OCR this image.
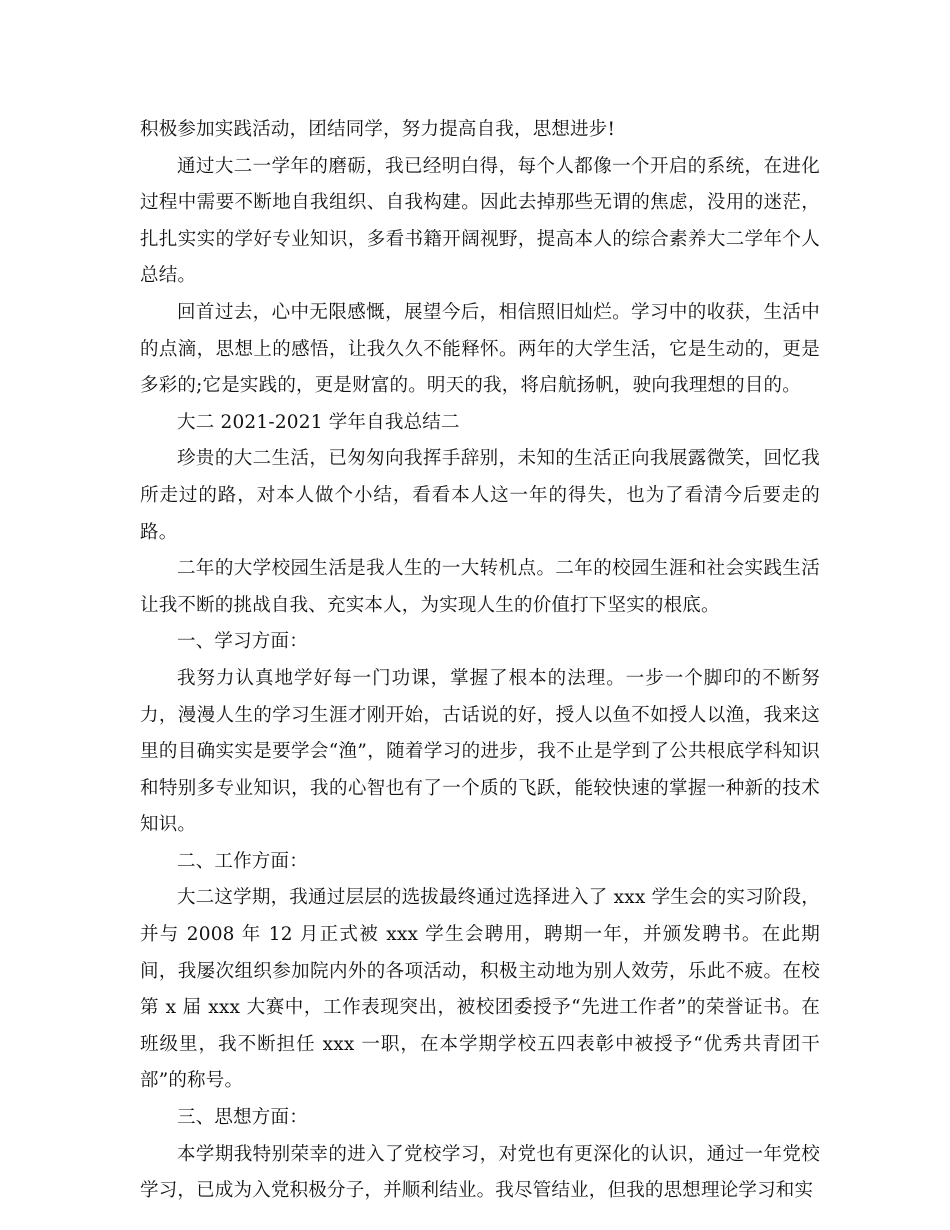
积极参加实践活动，团结同学，努力提高自我，思想进步!

通过大二一学年的磨砺，我已经明白得，每个人都像一个开启的系统，在进化过程中需要不断地自我组织、自我构建。因此去掉那些无谓的焦虑，没用的迷茫，扎扎实实的学好专业知识，多看书籍开阔视野，提高本人的综合素养大二学年个人总结。

回首过去，心中无限感慨，展望今后，相信照旧灿烂。学习中的收获，生活中的点滴，思想上的感悟，让我久久不能释怀。两年的大学生活，它是生动的，更是多彩的;它是实践的，更是财富的。明天的我，将启航扬帆，驶向我理想的目的。

大二 2021-2021 学年自我总结二

珍贵的大二生活，已匆匆向我挥手辞别，未知的生活正向我展露微笑，回忆我所走过的路，对本人做个小结，看看本人这一年的得失，也为了看清今后要走的路。

二年的大学校园生活是我人生的一大转机点。二年的校园生涯和社会实践生活让我不断的挑战自我、充实本人，为实现人生的价值打下坚实的根底。

一、学习方面：

我努力认真地学好每一门功课，掌握了根本的法理。一步一个脚印的不断努力，漫漫人生的学习生涯才刚开始，古话说的好，授人以鱼不如授人以渔，我来这里的目确实实是要学会“渔”，随着学习的进步，我不止是学到了公共根底学科知识和特别多专业知识，我的心智也有了一个质的飞跃，能较快速的掌握一种新的技术知识。

二、工作方面：

大二这学期，我通过层层的选拔最终通过选择进入了 xxx 学生会的实习阶段，并与 2008 年 12 月正式被 xxx 学生会聘用，聘期一年，并颁发聘书。在此期间，我屡次组织参加院内外的各项活动，积极主动地为别人效劳，乐此不疲。在校第 x 届 xxx 大赛中，工作表现突出，被校团委授予“先进工作者”的荣誉证书。在班级里，我不断担任 xxx 一职，在本学期学校五四表彰中被授予“优秀共青团干部”的称号。

三、思想方面：

本学期我特别荣幸的进入了党校学习，对党也有更深化的认识，通过一年党校学习，已成为入党积极分子，并顺利结业。我尽管结业，但我的思想理论学习和实
